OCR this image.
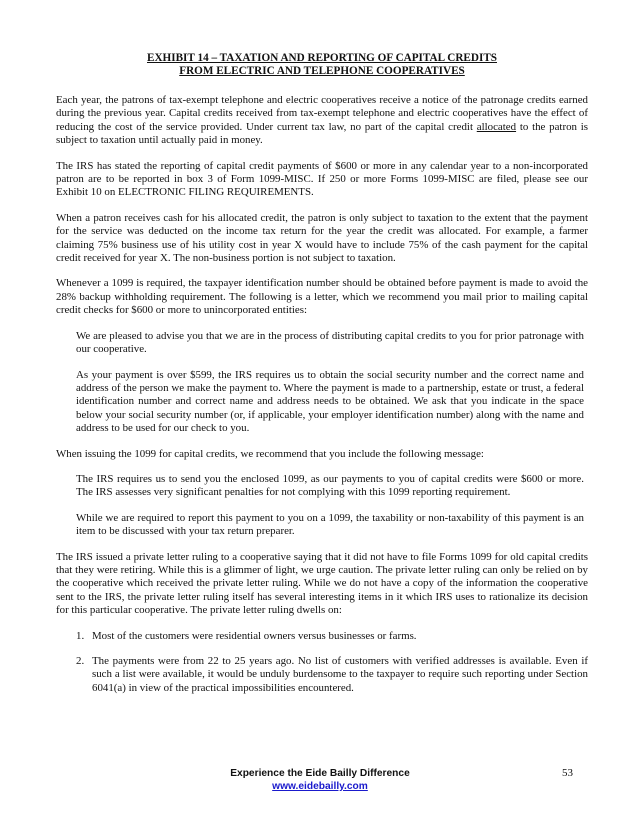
EXHIBIT 14 – TAXATION AND REPORTING OF CAPITAL CREDITS
FROM ELECTRIC AND TELEPHONE COOPERATIVES

Each year, the patrons of tax-exempt telephone and electric cooperatives receive a notice of the patronage credits earned during the previous year. Capital credits received from tax-exempt telephone and electric cooperatives have the effect of reducing the cost of the service provided. Under current tax law, no part of the capital credit allocated to the patron is subject to taxation until actually paid in money.

The IRS has stated the reporting of capital credit payments of $600 or more in any calendar year to a non-incorporated patron are to be reported in box 3 of Form 1099-MISC. If 250 or more Forms 1099-MISC are filed, please see our Exhibit 10 on ELECTRONIC FILING REQUIREMENTS.

When a patron receives cash for his allocated credit, the patron is only subject to taxation to the extent that the payment for the service was deducted on the income tax return for the year the credit was allocated. For example, a farmer claiming 75% business use of his utility cost in year X would have to include 75% of the cash payment for the capital credit received for year X. The non-business portion is not subject to taxation.

Whenever a 1099 is required, the taxpayer identification number should be obtained before payment is made to avoid the 28% backup withholding requirement. The following is a letter, which we recommend you mail prior to mailing capital credit checks for $600 or more to unincorporated entities:

We are pleased to advise you that we are in the process of distributing capital credits to you for prior patronage with our cooperative.

As your payment is over $599, the IRS requires us to obtain the social security number and the correct name and address of the person we make the payment to. Where the payment is made to a partnership, estate or trust, a federal identification number and correct name and address needs to be obtained. We ask that you indicate in the space below your social security number (or, if applicable, your employer identification number) along with the name and address to be used for our check to you.

When issuing the 1099 for capital credits, we recommend that you include the following message:

The IRS requires us to send you the enclosed 1099, as our payments to you of capital credits were $600 or more. The IRS assesses very significant penalties for not complying with this 1099 reporting requirement.

While we are required to report this payment to you on a 1099, the taxability or non-taxability of this payment is an item to be discussed with your tax return preparer.

The IRS issued a private letter ruling to a cooperative saying that it did not have to file Forms 1099 for old capital credits that they were retiring. While this is a glimmer of light, we urge caution. The private letter ruling can only be relied on by the cooperative which received the private letter ruling. While we do not have a copy of the information the cooperative sent to the IRS, the private letter ruling itself has several interesting items in it which IRS uses to rationalize its decision for this particular cooperative. The private letter ruling dwells on:

1. Most of the customers were residential owners versus businesses or farms.
2. The payments were from 22 to 25 years ago. No list of customers with verified addresses is available. Even if such a list were available, it would be unduly burdensome to the taxpayer to require such reporting under Section 6041(a) in view of the practical impossibilities encountered.
Experience the Eide Bailly Difference
www.eidebailly.com
53
